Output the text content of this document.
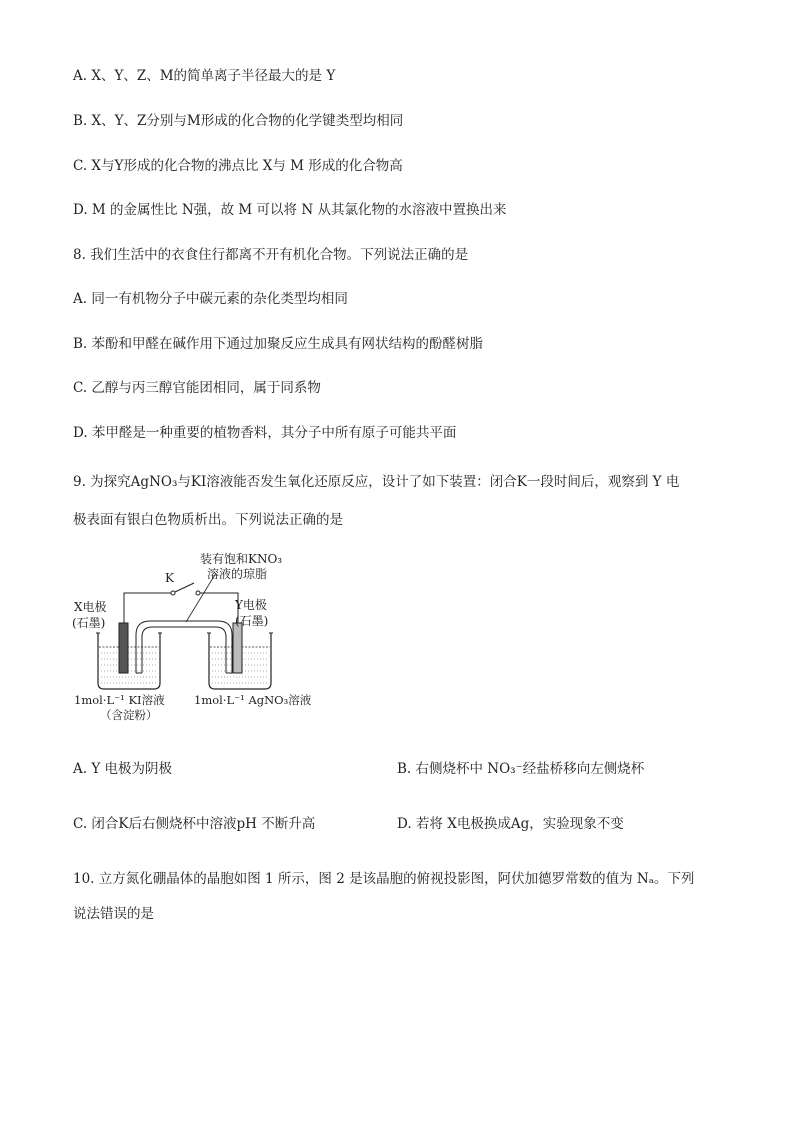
A. X、Y、Z、M的简单离子半径最大的是 Y
B. X、Y、Z分别与M形成的化合物的化学键类型均相同
C. X与Y形成的化合物的沸点比 X与 M 形成的化合物高
D. M 的金属性比 N强，故 M 可以将 N 从其氯化物的水溶液中置换出来
8. 我们生活中的衣食住行都离不开有机化合物。下列说法正确的是
A. 同一有机物分子中碳元素的杂化类型均相同
B. 苯酚和甲醛在碱作用下通过加聚反应生成具有网状结构的酚醛树脂
C. 乙醇与丙三醇官能团相同，属于同系物
D. 苯甲醛是一种重要的植物香料，其分子中所有原子可能共平面
9. 为探究AgNO₃与KI溶液能否发生氧化还原反应，设计了如下装置：闭合K一段时间后，观察到 Y 电
极表面有银白色物质析出。下列说法正确的是
装有饱和KNO₃
溶液的琼脂
K
X电极
(石墨)
Y电极
(石墨)
1mol·L⁻¹ KI溶液
（含淀粉）
1mol·L⁻¹ AgNO₃溶液
A. Y 电极为阴极	B. 右侧烧杯中 NO₃⁻经盐桥移向左侧烧杯
C. 闭合K后右侧烧杯中溶液pH 不断升高	D. 若将 X电极换成Ag，实验现象不变
10. 立方氮化硼晶体的晶胞如图 1 所示，图 2 是该晶胞的俯视投影图，阿伏加德罗常数的值为 Nₐ。下列
说法错误的是
